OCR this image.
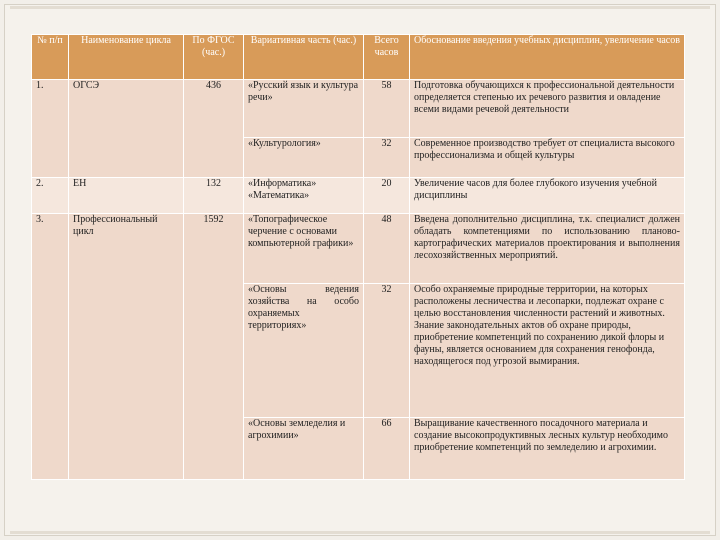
№ п/п	Наименование цикла	По ФГОС (час.)	Вариативная часть (час.)	Всего часов	Обоснование введения учебных дисциплин, увеличение часов
1.	ОГСЭ	436	«Русский язык и культура речи»	58	Подготовка обучающихся к профессиональной деятельности определяется степенью их речевого развития и овладение всеми видами речевой деятельности
			«Культурология»	32	Современное производство требует от специалиста высокого профессионализма и общей культуры
2.	ЕН	132	«Информатика» «Математика»	20	Увеличение часов для более глубокого изучения учебной дисциплины
3.	Профессиональный цикл	1592	«Топографическое черчение с основами компьютерной графики»	48	Введена дополнительно дисциплина, т.к. специалист должен обладать компетенциями по использованию планово-картографических материалов проектирования и выполнения лесохозяйственных мероприятий.
			«Основы ведения хозяйства на особо охраняемых территориях»	32	Особо охраняемые природные территории, на которых расположены лесничества и лесопарки, подлежат охране с целью восстановления численности растений и животных. Знание законодательных актов об охране природы, приобретение компетенций по сохранению дикой флоры и фауны, является основанием для сохранения генофонда, находящегося под угрозой вымирания.
			«Основы земледелия и агрохимии»	66	Выращивание качественного посадочного материала и создание высокопродуктивных лесных культур необходимо приобретение компетенций по земледелию и агрохимии.
